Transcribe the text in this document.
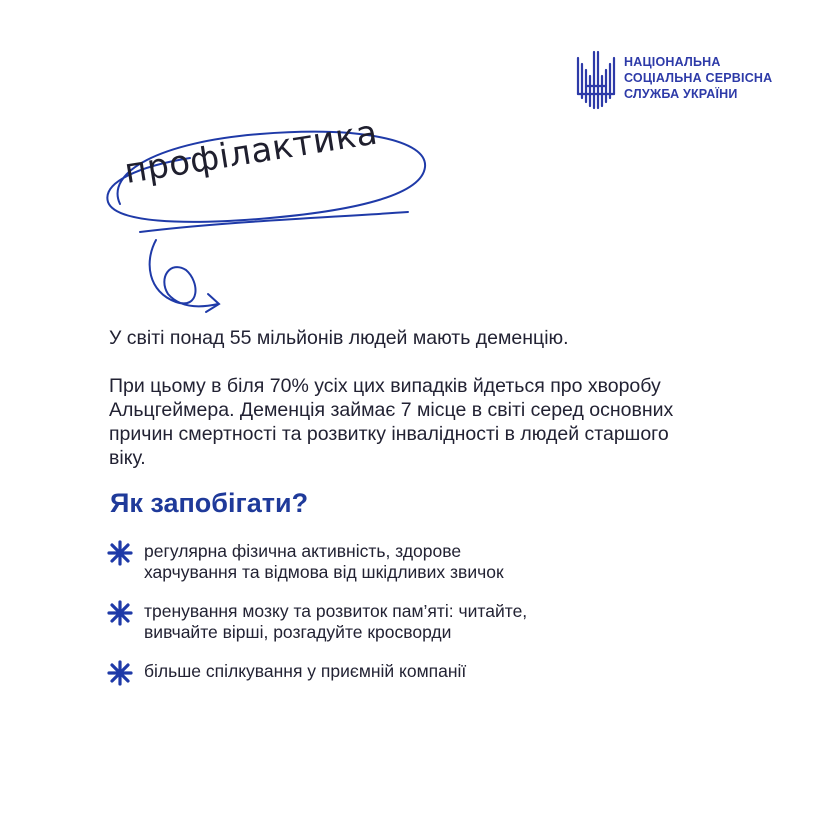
НАЦІОНАЛЬНА
СОЦІАЛЬНА СЕРВІСНА
СЛУЖБА УКРАЇНИ
профілактика

У світі понад 55 мільйонів людей мають деменцію.

При цьому в біля 70% усіх цих випадків йдеться про хворобу Альцгеймера. Деменція займає 7 місце в світі серед основних причин смертності та розвитку інвалідності в людей старшого віку.

Як запобігати?
регулярна фізична активність, здорове
харчування та відмова від шкідливих звичок
тренування мозку та розвиток пам’яті: читайте,
вивчайте вірші, розгадуйте кросворди
більше спілкування у приємній компанії
